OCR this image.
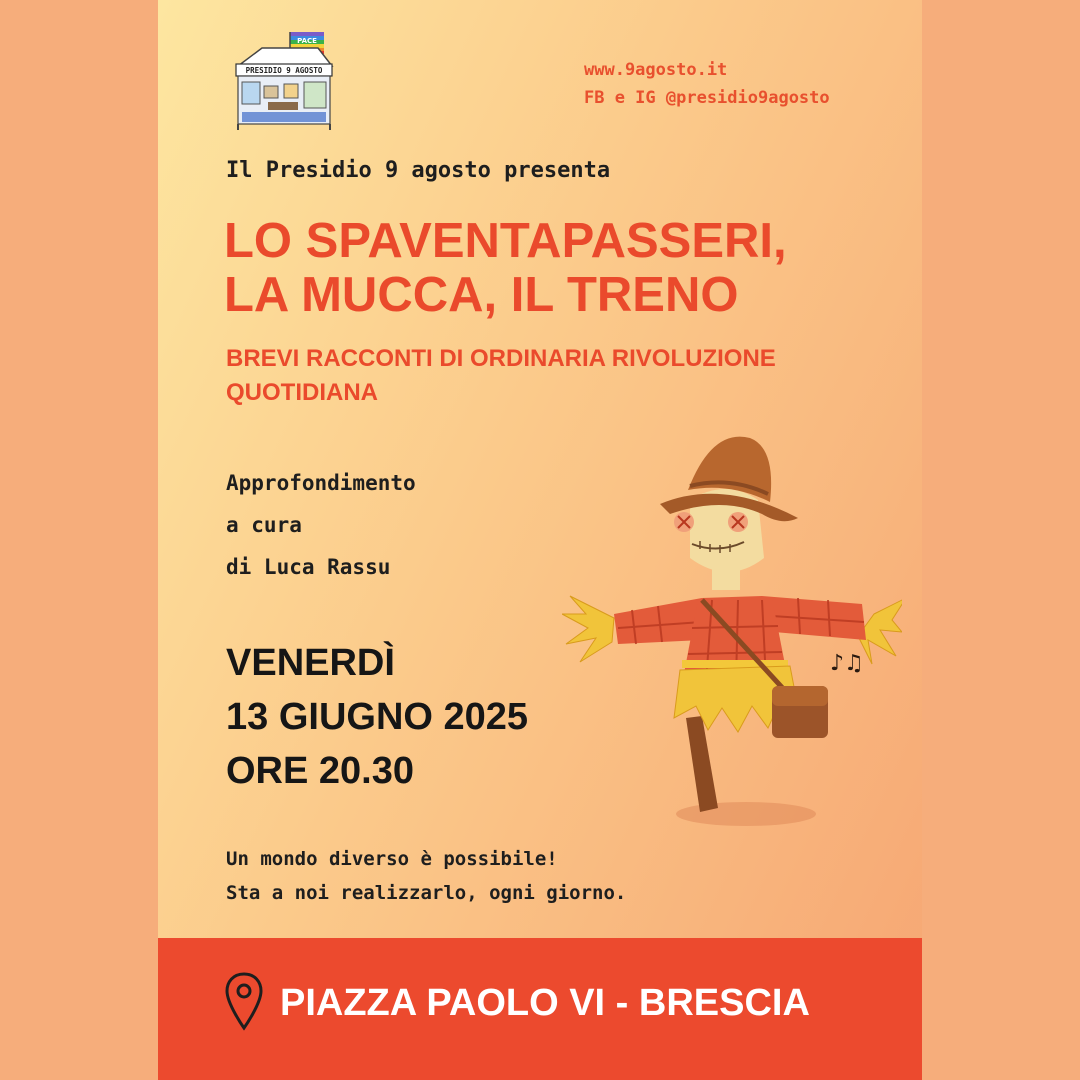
PACE
PRESIDIO 9 AGOSTO	www.9agosto.it
FB e IG @presidio9agosto
Il Presidio 9 agosto presenta
LO SPAVENTAPASSERI,
LA MUCCA, IL TRENO
BREVI RACCONTI DI ORDINARIA RIVOLUZIONE
QUOTIDIANA
Approfondimento
a cura
di Luca Rassu
VENERDÌ
13 GIUGNO 2025
ORE 20.30
Un mondo diverso è possibile!
Sta a noi realizzarlo, ogni giorno.
♪♫
PIAZZA PAOLO VI - BRESCIA
